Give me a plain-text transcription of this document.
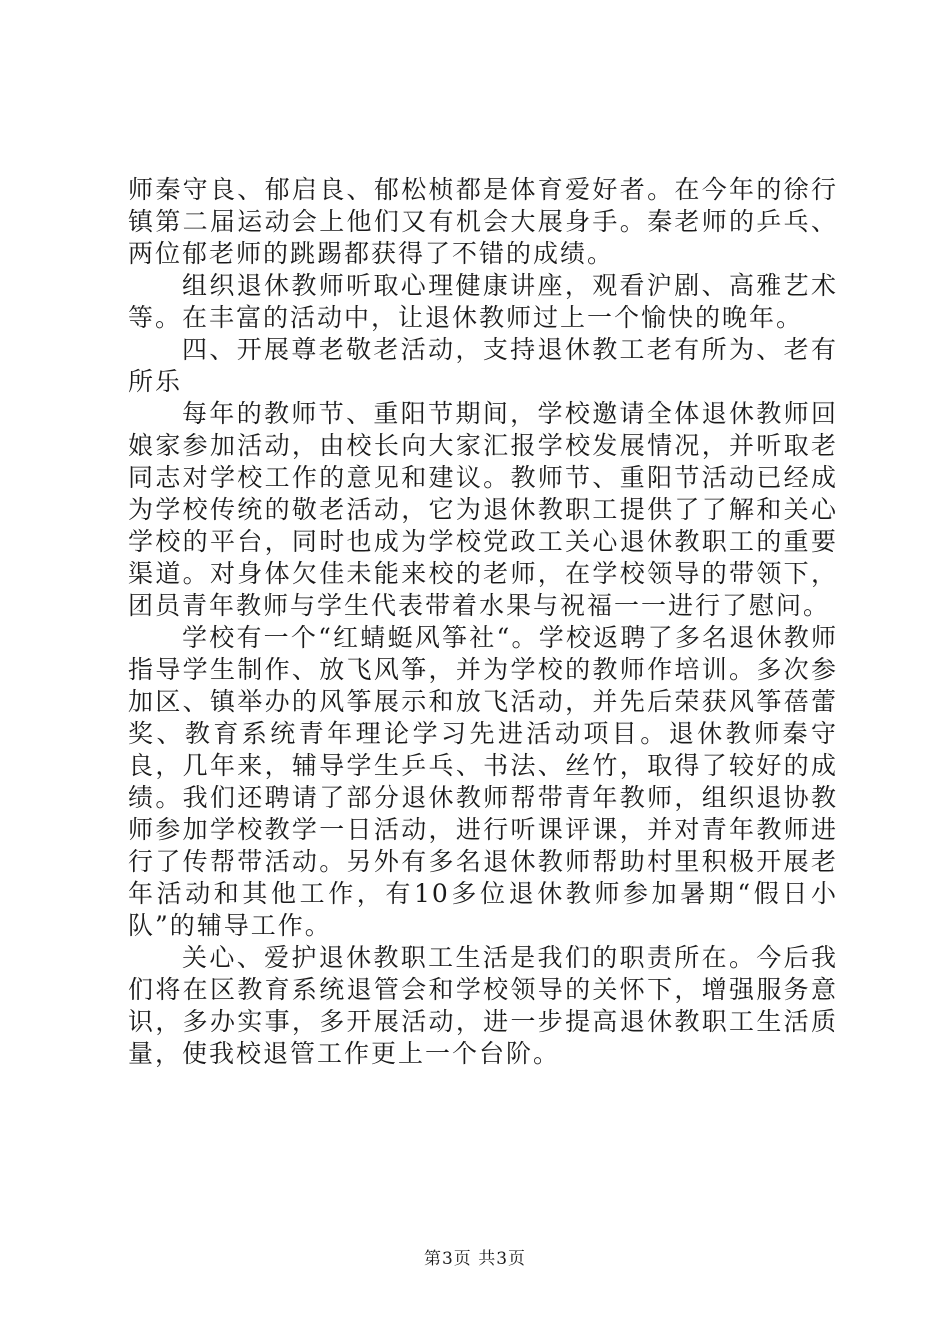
师秦守良、郁启良、郁松桢都是体育爱好者。在今年的徐行镇第二届运动会上他们又有机会大展身手。秦老师的乒乓、两位郁老师的跳踢都获得了不错的成绩。

组织退休教师听取心理健康讲座，观看沪剧、高雅艺术等。在丰富的活动中，让退休教师过上一个愉快的晚年。

四、开展尊老敬老活动，支持退休教工老有所为、老有所乐

每年的教师节、重阳节期间，学校邀请全体退休教师回娘家参加活动，由校长向大家汇报学校发展情况，并听取老同志对学校工作的意见和建议。教师节、重阳节活动已经成为学校传统的敬老活动，它为退休教职工提供了了解和关心学校的平台，同时也成为学校党政工关心退休教职工的重要渠道。对身体欠佳未能来校的老师，在学校领导的带领下，团员青年教师与学生代表带着水果与祝福一一进行了慰问。

学校有一个“红蜻蜓风筝社“。学校返聘了多名退休教师指导学生制作、放飞风筝，并为学校的教师作培训。多次参加区、镇举办的风筝展示和放飞活动，并先后荣获风筝蓓蕾奖、教育系统青年理论学习先进活动项目。退休教师秦守良，几年来，辅导学生乒乓、书法、丝竹，取得了较好的成绩。我们还聘请了部分退休教师帮带青年教师，组织退协教师参加学校教学一日活动，进行听课评课，并对青年教师进行了传帮带活动。另外有多名退休教师帮助村里积极开展老年活动和其他工作，有10多位退休教师参加暑期“假日小队”的辅导工作。

关心、爱护退休教职工生活是我们的职责所在。今后我们将在区教育系统退管会和学校领导的关怀下，增强服务意识，多办实事，多开展活动，进一步提高退休教职工生活质量，使我校退管工作更上一个台阶。

第3页 共3页
